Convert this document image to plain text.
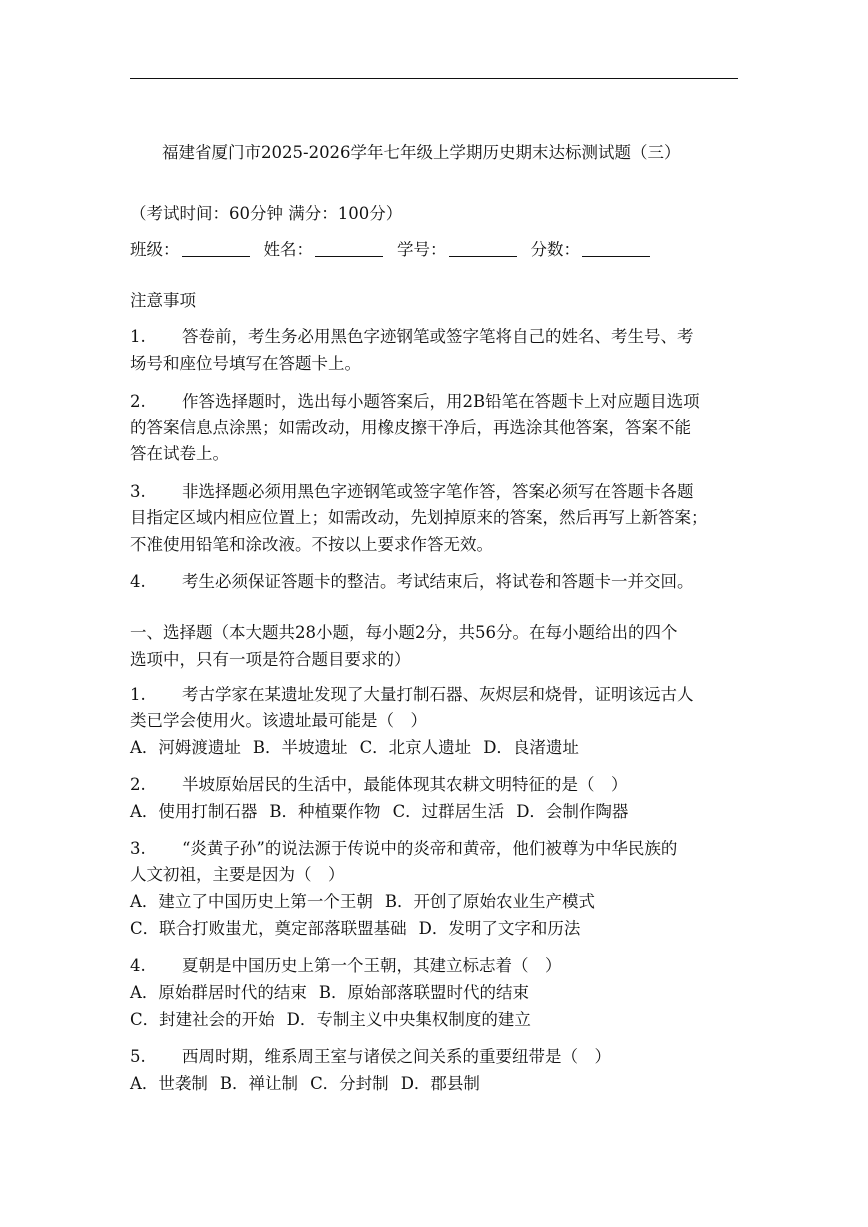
福建省厦门市2025-2026学年七年级上学期历史期末达标测试题（三）
（考试时间：60分钟 满分：100分）
班级：	姓名：	学号：	分数：
注意事项
1. 答卷前，考生务必用黑色字迹钢笔或签字笔将自己的姓名、考生号、考
场号和座位号填写在答题卡上。
2. 作答选择题时，选出每小题答案后，用2B铅笔在答题卡上对应题目选项
的答案信息点涂黑；如需改动，用橡皮擦干净后，再选涂其他答案，答案不能
答在试卷上。
3. 非选择题必须用黑色字迹钢笔或签字笔作答，答案必须写在答题卡各题
目指定区域内相应位置上；如需改动，先划掉原来的答案，然后再写上新答案；
不准使用铅笔和涂改液。不按以上要求作答无效。
4. 考生必须保证答题卡的整洁。考试结束后，将试卷和答题卡一并交回。
一、选择题（本大题共28小题，每小题2分，共56分。在每小题给出的四个
选项中，只有一项是符合题目要求的）
1. 考古学家在某遗址发现了大量打制石器、灰烬层和烧骨，证明该远古人
类已学会使用火。该遗址最可能是（　）
A．河姆渡遗址 B．半坡遗址 C．北京人遗址 D．良渚遗址
2. 半坡原始居民的生活中，最能体现其农耕文明特征的是（　）
A．使用打制石器 B．种植粟作物 C．过群居生活 D．会制作陶器
3. “炎黄子孙”的说法源于传说中的炎帝和黄帝，他们被尊为中华民族的
人文初祖，主要是因为（　）
A．建立了中国历史上第一个王朝 B．开创了原始农业生产模式
C．联合打败蚩尤，奠定部落联盟基础 D．发明了文字和历法
4. 夏朝是中国历史上第一个王朝，其建立标志着（　）
A．原始群居时代的结束 B．原始部落联盟时代的结束
C．封建社会的开始 D．专制主义中央集权制度的建立
5. 西周时期，维系周王室与诸侯之间关系的重要纽带是（　）
A．世袭制 B．禅让制 C．分封制 D．郡县制
